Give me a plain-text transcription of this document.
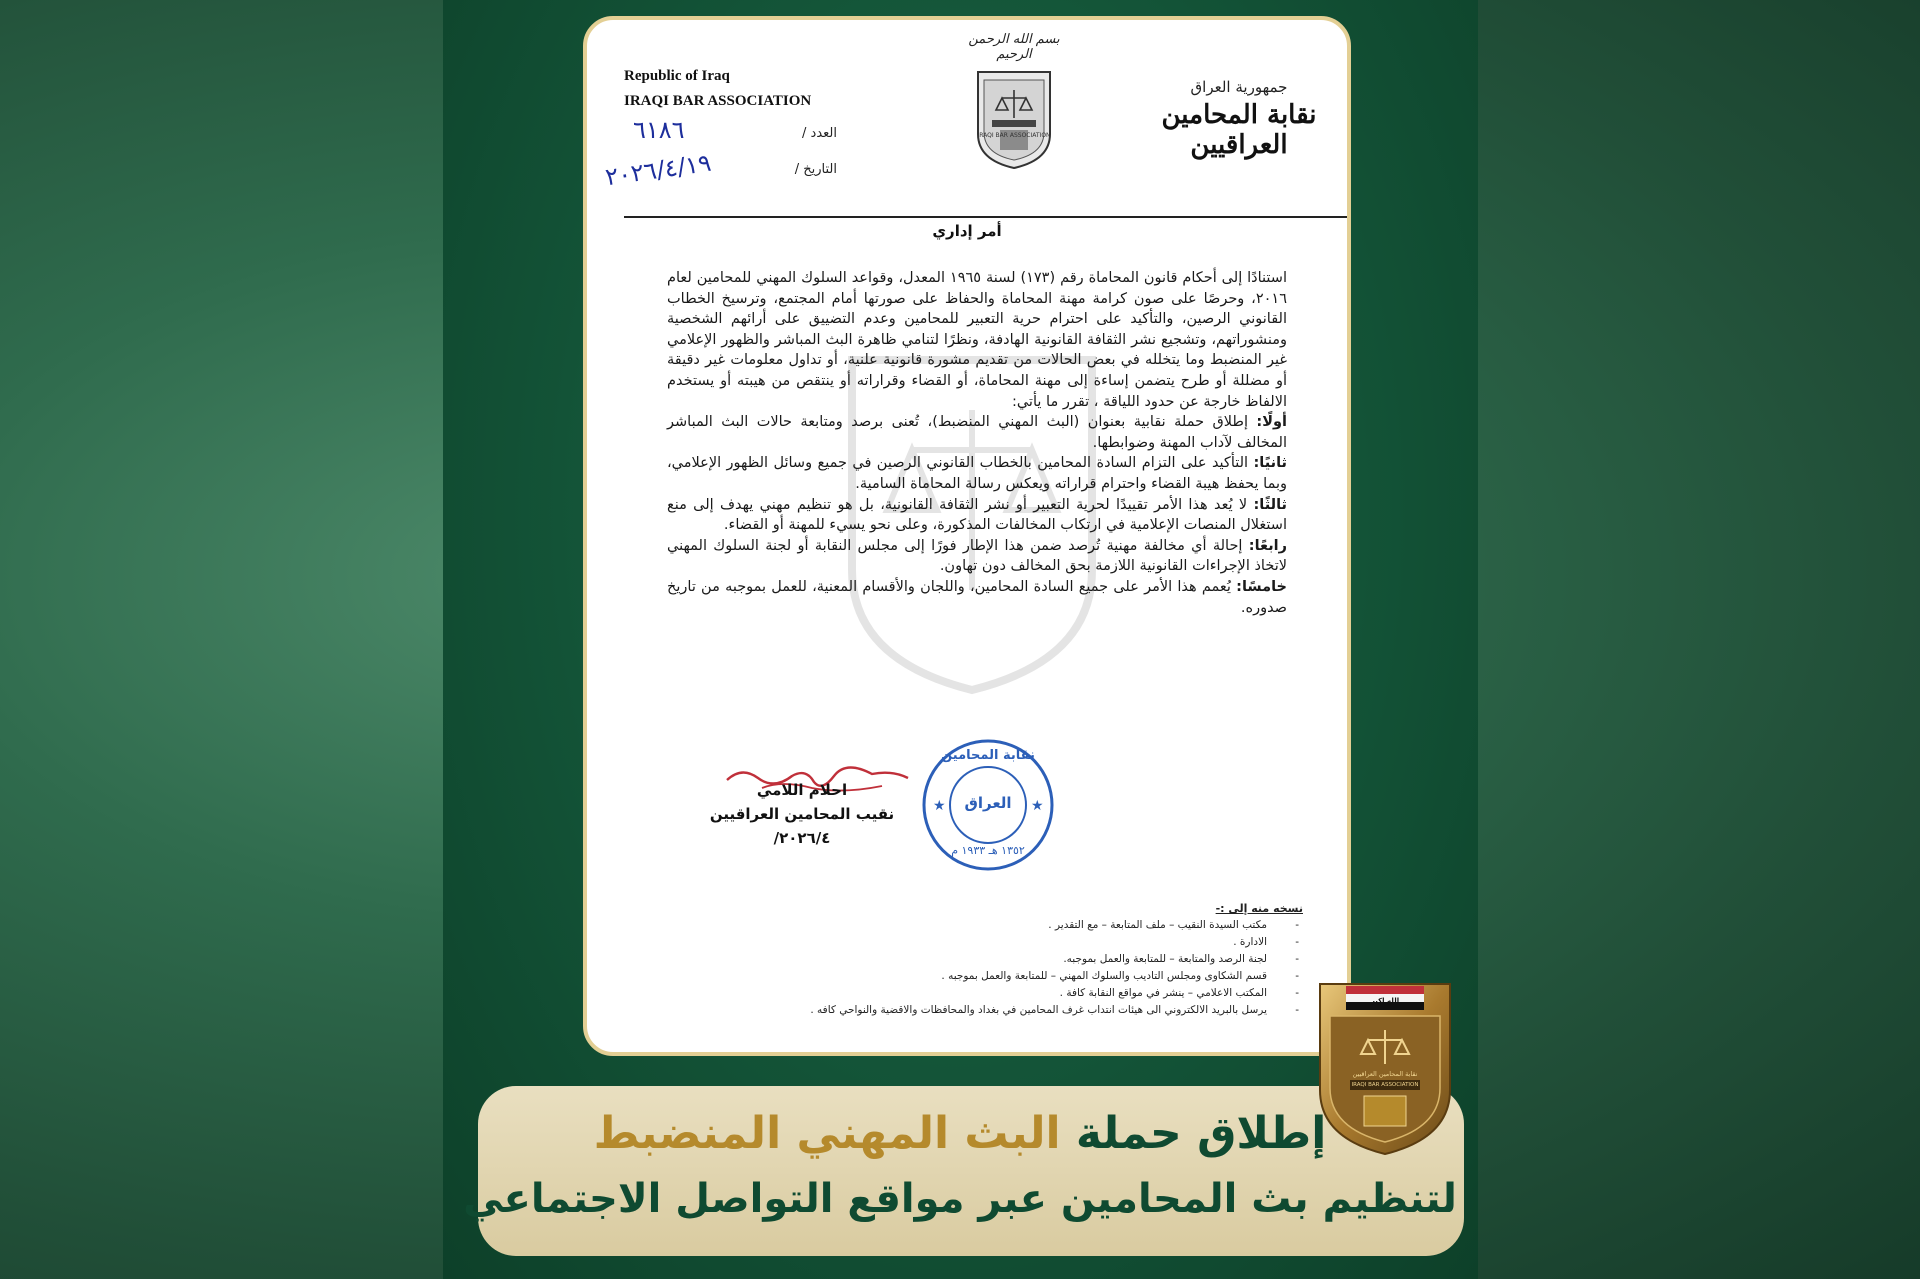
Republic of Iraq
IRAQI BAR ASSOCIATION
العدد /
التاريخ /
٦١٨٦
٢٠٢٦/٤/١٩
بسم الله الرحمن الرحيم
IRAQI BAR ASSOCIATION
جمهورية العراق
نقابة المحامين العراقيين
أمر إداري

استنادًا إلى أحكام قانون المحاماة رقم (١٧٣) لسنة ١٩٦٥ المعدل، وقواعد السلوك المهني للمحامين لعام ٢٠١٦، وحرصًا على صون كرامة مهنة المحاماة والحفاظ على صورتها أمام المجتمع، وترسيخ الخطاب القانوني الرصين، والتأكيد على احترام حرية التعبير للمحامين وعدم التضييق على أرائهم الشخصية ومنشوراتهم، وتشجيع نشر الثقافة القانونية الهادفة، ونظرًا لتنامي ظاهرة البث المباشر والظهور الإعلامي غير المنضبط وما يتخلله في بعض الحالات من تقديم مشورة قانونية علنية، أو تداول معلومات غير دقيقة أو مضللة أو طرح يتضمن إساءة إلى مهنة المحاماة، أو القضاء وقراراته أو ينتقص من هيبته أو يستخدم الالفاظ خارجة عن حدود اللياقة ، تقرر ما يأتي:

أولًا: إطلاق حملة نقابية بعنوان (البث المهني المنضبط)، تُعنى برصد ومتابعة حالات البث المباشر المخالف لآداب المهنة وضوابطها.

ثانيًا: التأكيد على التزام السادة المحامين بالخطاب القانوني الرصين في جميع وسائل الظهور الإعلامي، وبما يحفظ هيبة القضاء واحترام قراراته ويعكس رسالة المحاماة السامية.

ثالثًا: لا يُعد هذا الأمر تقييدًا لحرية التعبير أو نشر الثقافة القانونية، بل هو تنظيم مهني يهدف إلى منع استغلال المنصات الإعلامية في ارتكاب المخالفات المذكورة، وعلى نحو يسيء للمهنة أو القضاء.

رابعًا: إحالة أي مخالفة مهنية تُرصد ضمن هذا الإطار فورًا إلى مجلس النقابة أو لجنة السلوك المهني لاتخاذ الإجراءات القانونية اللازمة بحق المخالف دون تهاون.

خامسًا: يُعمم هذا الأمر على جميع السادة المحامين، واللجان والأقسام المعنية، للعمل بموجبه من تاريخ صدوره.

احلام اللامي
نقيب المحامين العراقيين
٢٠٢٦/٤/
★	★
نقابة المحامين
العراق
١٣٥٢ هـ ١٩٣٣ م
نسخه منه إلى :-
- مكتب السيدة النقيب – ملف المتابعة – مع التقدير .
- الادارة .
- لجنة الرصد والمتابعة – للمتابعة والعمل بموجبه.
- قسم الشكاوى ومجلس التاديب والسلوك المهني – للمتابعة والعمل بموجبه .
- المكتب الاعلامي – ينشر في مواقع النقابة كافة .
- يرسل بالبريد الالكتروني الى هيئات انتداب غرف المحامين في بغداد والمحافظات والاقضية والنواحي كافه .
إطلاق حملة البث المهني المنضبط
لتنظيم بث المحامين عبر مواقع التواصل الاجتماعي
الله اكبر
نقابة المحامين العراقيين
IRAQI BAR ASSOCIATION
